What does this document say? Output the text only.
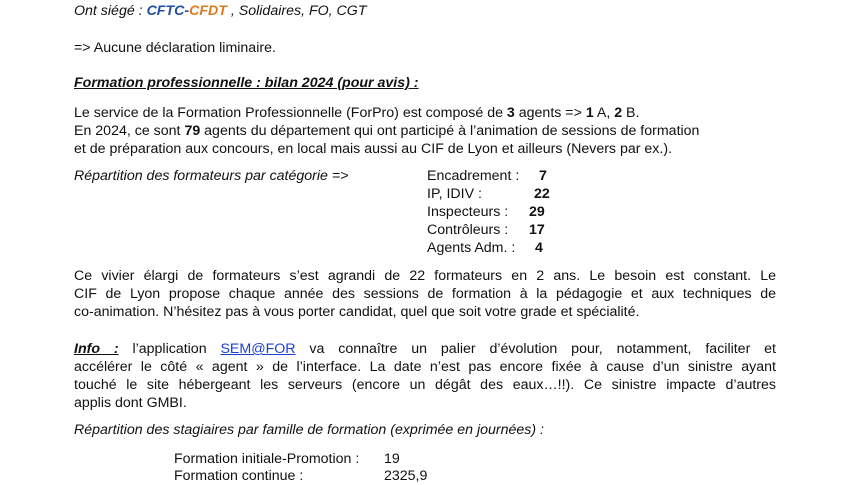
Ont siégé : CFTC-CFDT , Solidaires, FO, CGT
=> Aucune déclaration liminaire.
Formation professionnelle : bilan 2024 (pour avis) :
Le service de la Formation Professionnelle (ForPro) est composé de 3 agents => 1 A, 2 B.
En 2024, ce sont 79 agents du département qui ont participé à l’animation de sessions de formation
et de préparation aux concours, en local mais aussi au CIF de Lyon et ailleurs (Nevers par ex.).
Répartition des formateurs par catégorie =>	Encadrement : 7
IP, IDIV :	22
Inspecteurs : 29
Contrôleurs : 17
Agents Adm. : 4
Ce vivier élargi de formateurs s’est agrandi de 22 formateurs en 2 ans. Le besoin est constant. Le
CIF de Lyon propose chaque année des sessions de formation à la pédagogie et aux techniques de
co-animation. N’hésitez pas à vous porter candidat, quel que soit votre grade et spécialité.
Info : l’application SEM@FOR va connaître un palier d’évolution pour, notamment, faciliter et
accélérer le côté « agent » de l’interface. La date n’est pas encore fixée à cause d’un sinistre ayant
touché le site hébergeant les serveurs (encore un dégât des eaux…!!). Ce sinistre impacte d’autres
applis dont GMBI.
Répartition des stagiaires par famille de formation (exprimée en journées) :
Formation initiale-Promotion : 19
Formation continue :	2325,9
